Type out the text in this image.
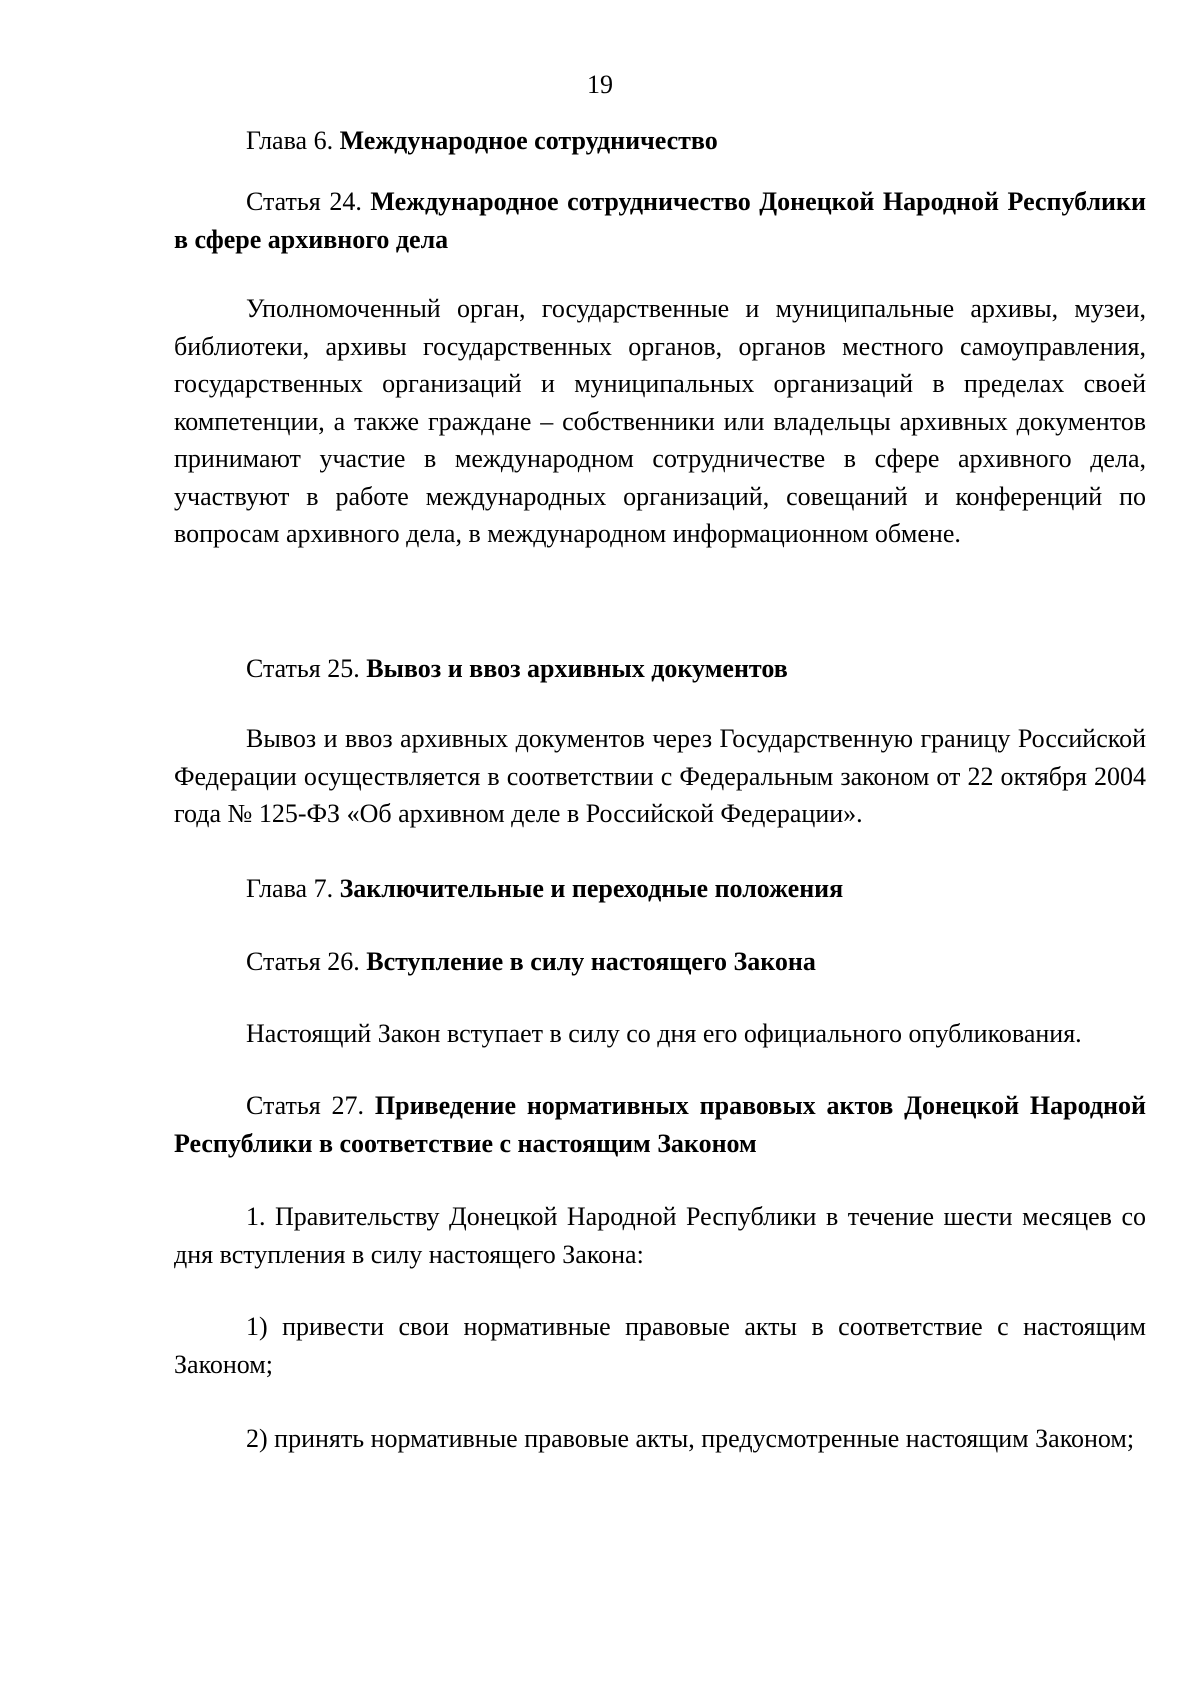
19
Глава 6. Международное сотрудничество
Статья 24. Международное сотрудничество Донецкой Народной Республики в сфере архивного дела
Уполномоченный орган, государственные и муниципальные архивы, музеи, библиотеки, архивы государственных органов, органов местного самоуправления, государственных организаций и муниципальных организаций в пределах своей компетенции, а также граждане – собственники или владельцы архивных документов принимают участие в международном сотрудничестве в сфере архивного дела, участвуют в работе международных организаций, совещаний и конференций по вопросам архивного дела, в международном информационном обмене.
Статья 25. Вывоз и ввоз архивных документов
Вывоз и ввоз архивных документов через Государственную границу Российской Федерации осуществляется в соответствии с Федеральным законом от 22 октября 2004 года № 125-ФЗ «Об архивном деле в Российской Федерации».
Глава 7. Заключительные и переходные положения
Статья 26. Вступление в силу настоящего Закона
Настоящий Закон вступает в силу со дня его официального опубликования.
Статья 27. Приведение нормативных правовых актов Донецкой Народной Республики в соответствие с настоящим Законом
1. Правительству Донецкой Народной Республики в течение шести месяцев со дня вступления в силу настоящего Закона:
1) привести свои нормативные правовые акты в соответствие с настоящим Законом;
2) принять нормативные правовые акты, предусмотренные настоящим Законом;
